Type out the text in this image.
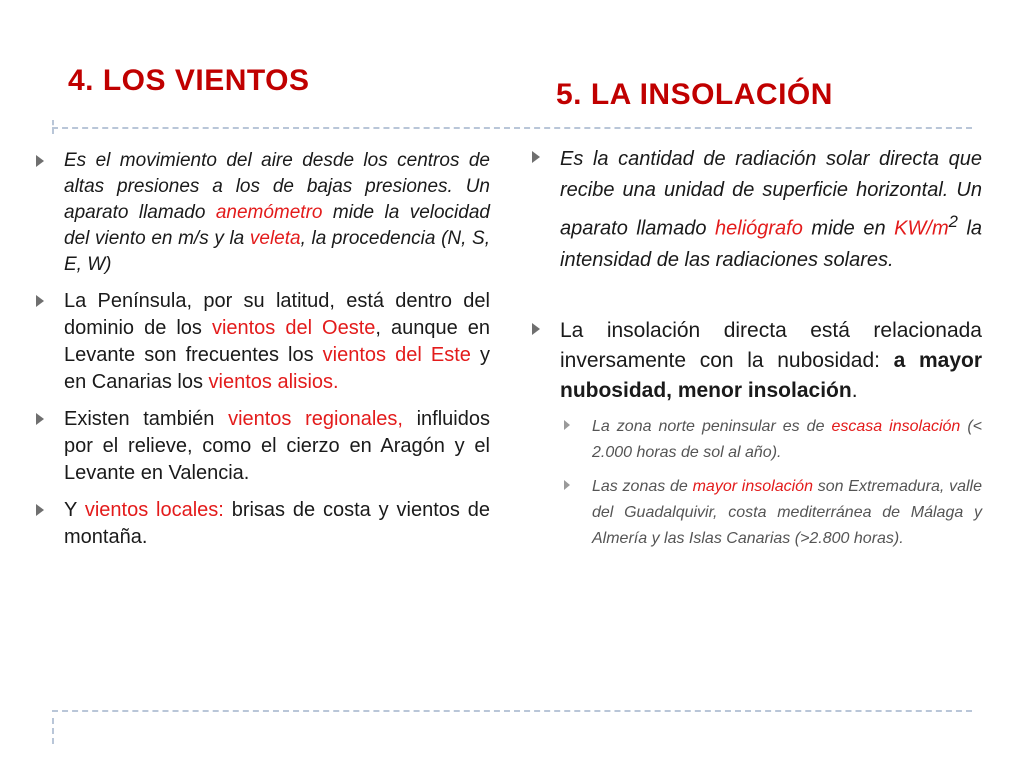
4. LOS VIENTOS	5. LA INSOLACIÓN

Es el movimiento del aire desde los centros de altas presiones a los de bajas presiones. Un aparato llamado anemómetro mide la velocidad del viento en m/s y la veleta, la procedencia (N, S, E, W)

La Península, por su latitud, está dentro del dominio de los vientos del Oeste, aunque en Levante son frecuentes los vientos del Este y en Canarias los vientos alisios.

Existen también vientos regionales, influidos por el relieve, como el cierzo en Aragón y el Levante en Valencia.

Y vientos locales: brisas de costa y vientos de montaña.

Es la cantidad de radiación solar directa que recibe una unidad de superficie horizontal. Un aparato llamado heliógrafo mide en $KW/m^2$ la intensidad de las radiaciones solares.

La insolación directa está relacionada inversamente con la nubosidad: a mayor nubosidad, menor insolación.

La zona norte peninsular es de escasa insolación (< 2.000 horas de sol al año).

Las zonas de mayor insolación son Extremadura, valle del Guadalquivir, costa mediterránea de Málaga y Almería y las Islas Canarias (>2.800 horas).
